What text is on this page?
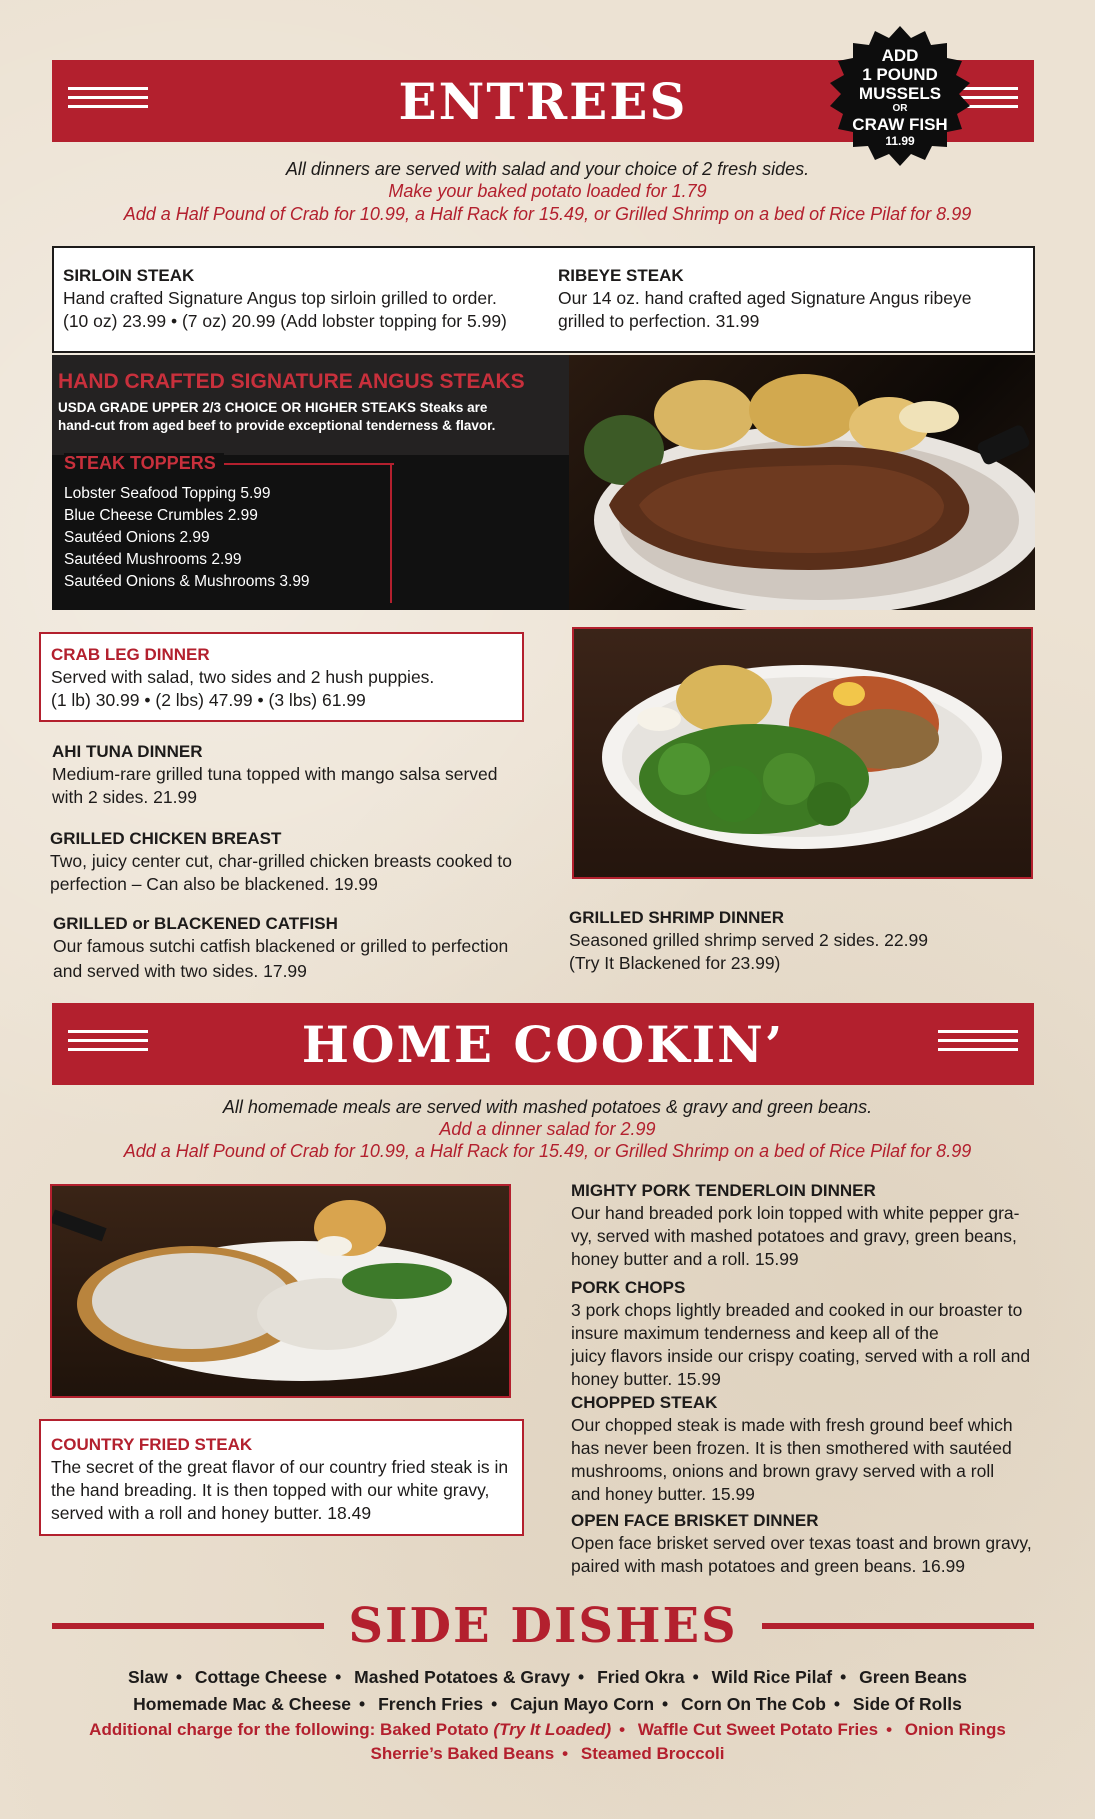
ENTREES
ADD
1 POUND
MUSSELS
OR
CRAW FISH
11.99
All dinners are served with salad and your choice of 2 fresh sides.
Make your baked potato loaded for 1.79
Add a Half Pound of Crab for 10.99, a Half Rack for 15.49, or Grilled Shrimp on a bed of Rice Pilaf for 8.99
SIRLOIN STEAK
Hand crafted Signature Angus top sirloin grilled to order.
(10 oz) 23.99 • (7 oz) 20.99 (Add lobster topping for 5.99)
RIBEYE STEAK
Our 14 oz. hand crafted aged Signature Angus ribeye
grilled to perfection. 31.99
HAND CRAFTED SIGNATURE ANGUS STEAKS
USDA GRADE UPPER 2/3 CHOICE OR HIGHER STEAKS Steaks are
hand-cut from aged beef to provide exceptional tenderness & flavor.
STEAK TOPPERS
Lobster Seafood Topping 5.99
Blue Cheese Crumbles 2.99
Sautéed Onions 2.99
Sautéed Mushrooms 2.99
Sautéed Onions & Mushrooms 3.99
CRAB LEG DINNER
Served with salad, two sides and 2 hush puppies.
(1 lb) 30.99 • (2 lbs) 47.99 • (3 lbs) 61.99
AHI TUNA DINNER
Medium-rare grilled tuna topped with mango salsa served
with 2 sides. 21.99
GRILLED CHICKEN BREAST
Two, juicy center cut, char-grilled chicken breasts cooked to
perfection – Can also be blackened. 19.99
GRILLED or BLACKENED CATFISH
Our famous sutchi catfish blackened or grilled to perfection
and served with two sides. 17.99
GRILLED SHRIMP DINNER
Seasoned grilled shrimp served 2 sides. 22.99
(Try It Blackened for 23.99)
HOME COOKIN’
All homemade meals are served with mashed potatoes & gravy and green beans.
Add a dinner salad for 2.99
Add a Half Pound of Crab for 10.99, a Half Rack for 15.49, or Grilled Shrimp on a bed of Rice Pilaf for 8.99
COUNTRY FRIED STEAK
The secret of the great flavor of our country fried steak is in
the hand breading. It is then topped with our white gravy,
served with a roll and honey butter. 18.49
MIGHTY PORK TENDERLOIN DINNER
Our hand breaded pork loin topped with white pepper gra-
vy, served with mashed potatoes and gravy, green beans,
honey butter and a roll. 15.99
PORK CHOPS
3 pork chops lightly breaded and cooked in our broaster to
insure maximum tenderness and keep all of the
juicy flavors inside our crispy coating, served with a roll and
honey butter. 15.99
CHOPPED STEAK
Our chopped steak is made with fresh ground beef which
has never been frozen. It is then smothered with sautéed
mushrooms, onions and brown gravy served with a roll
and honey butter. 15.99
OPEN FACE BRISKET DINNER
Open face brisket served over texas toast and brown gravy,
paired with mash potatoes and green beans. 16.99
SIDE DISHES
Slaw • Cottage Cheese • Mashed Potatoes & Gravy • Fried Okra • Wild Rice Pilaf • Green Beans
Homemade Mac & Cheese • French Fries • Cajun Mayo Corn • Corn On The Cob • Side Of Rolls
Additional charge for the following: Baked Potato (Try It Loaded) • Waffle Cut Sweet Potato Fries • Onion Rings
Sherrie’s Baked Beans • Steamed Broccoli
